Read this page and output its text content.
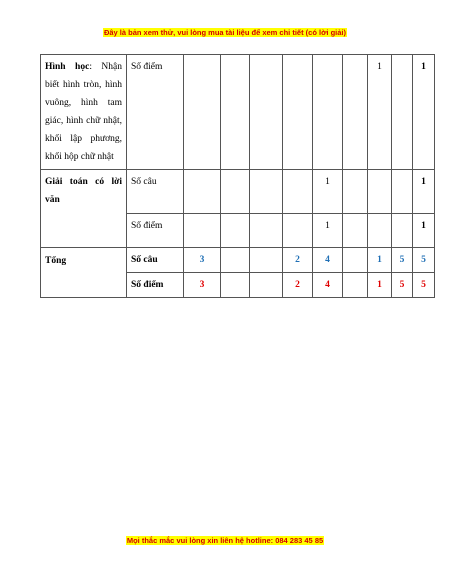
Đây là bản xem thử, vui lòng mua tài liệu để xem chi tiết (có lời giải)
Hình học: Nhận biết hình tròn, hình vuông, hình tam giác, hình chữ nhật, khối lập phương, khối hộp chữ nhật	Số điểm							1		1
Giải toán có lời văn	Số câu					1				1
	Số điểm					1				1
Tổng	Số câu	3			2	4		1	5	5
	Số điểm	3			2	4		1	5	5
Mọi thắc mắc vui lòng xin liên hệ hotline: 084 283 45 85
